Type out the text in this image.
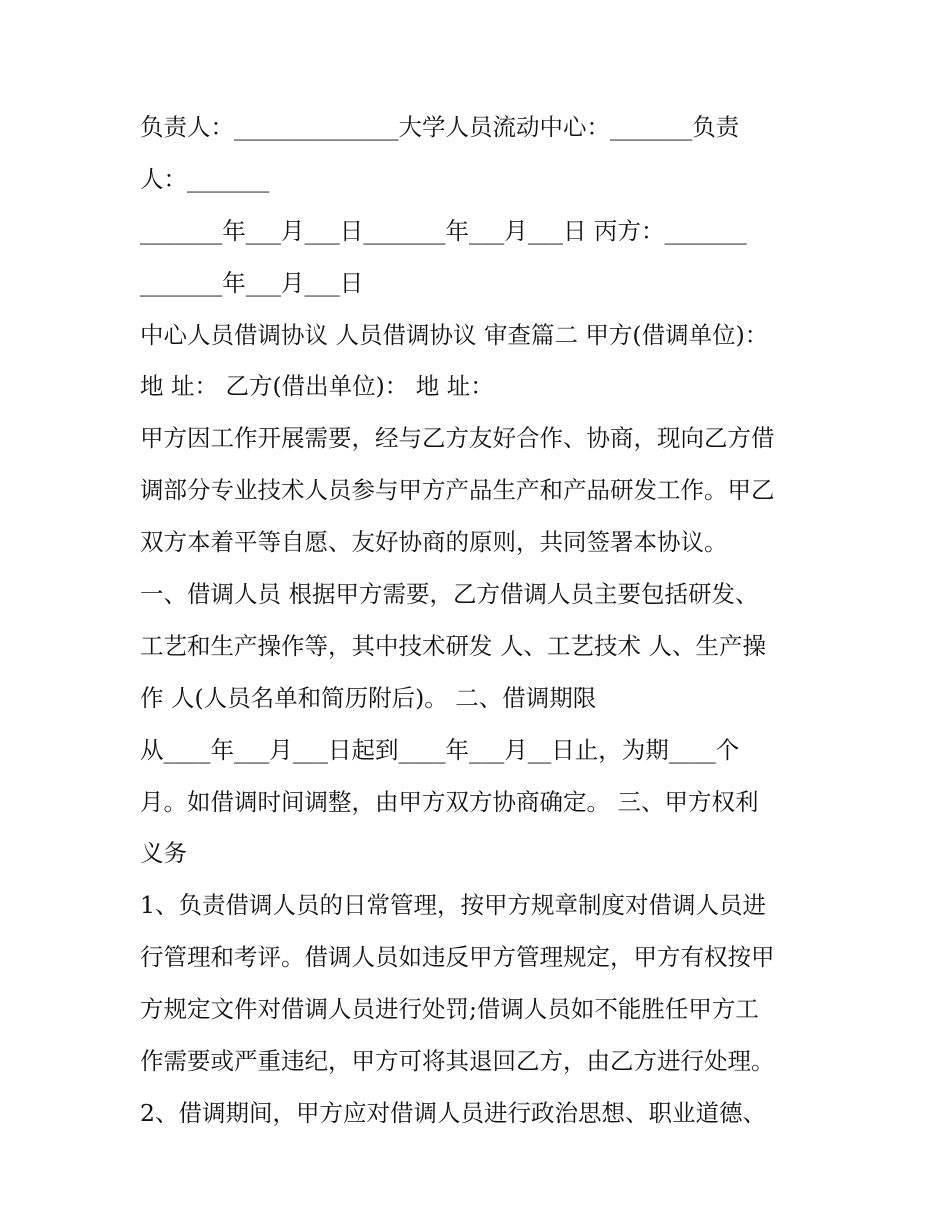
负责人：______________大学人员流动中心：_______负责
人：_______
_______年___月___日_______年___月___日 丙方：_______
_______年___月___日
中心人员借调协议 人员借调协议 审查篇二 甲方(借调单位)：
地 址： 乙方(借出单位)： 地 址：
甲方因工作开展需要，经与乙方友好合作、协商，现向乙方借
调部分专业技术人员参与甲方产品生产和产品研发工作。甲乙
双方本着平等自愿、友好协商的原则，共同签署本协议。
一、借调人员 根据甲方需要，乙方借调人员主要包括研发、
工艺和生产操作等，其中技术研发 人、工艺技术 人、生产操
作 人(人员名单和简历附后)。 二、借调期限
从____年___月___日起到____年___月__日止，为期____个
月。如借调时间调整，由甲方双方协商确定。 三、甲方权利
义务
1、负责借调人员的日常管理，按甲方规章制度对借调人员进
行管理和考评。借调人员如违反甲方管理规定，甲方有权按甲
方规定文件对借调人员进行处罚;借调人员如不能胜任甲方工
作需要或严重违纪，甲方可将其退回乙方，由乙方进行处理。
2、借调期间，甲方应对借调人员进行政治思想、职业道德、
